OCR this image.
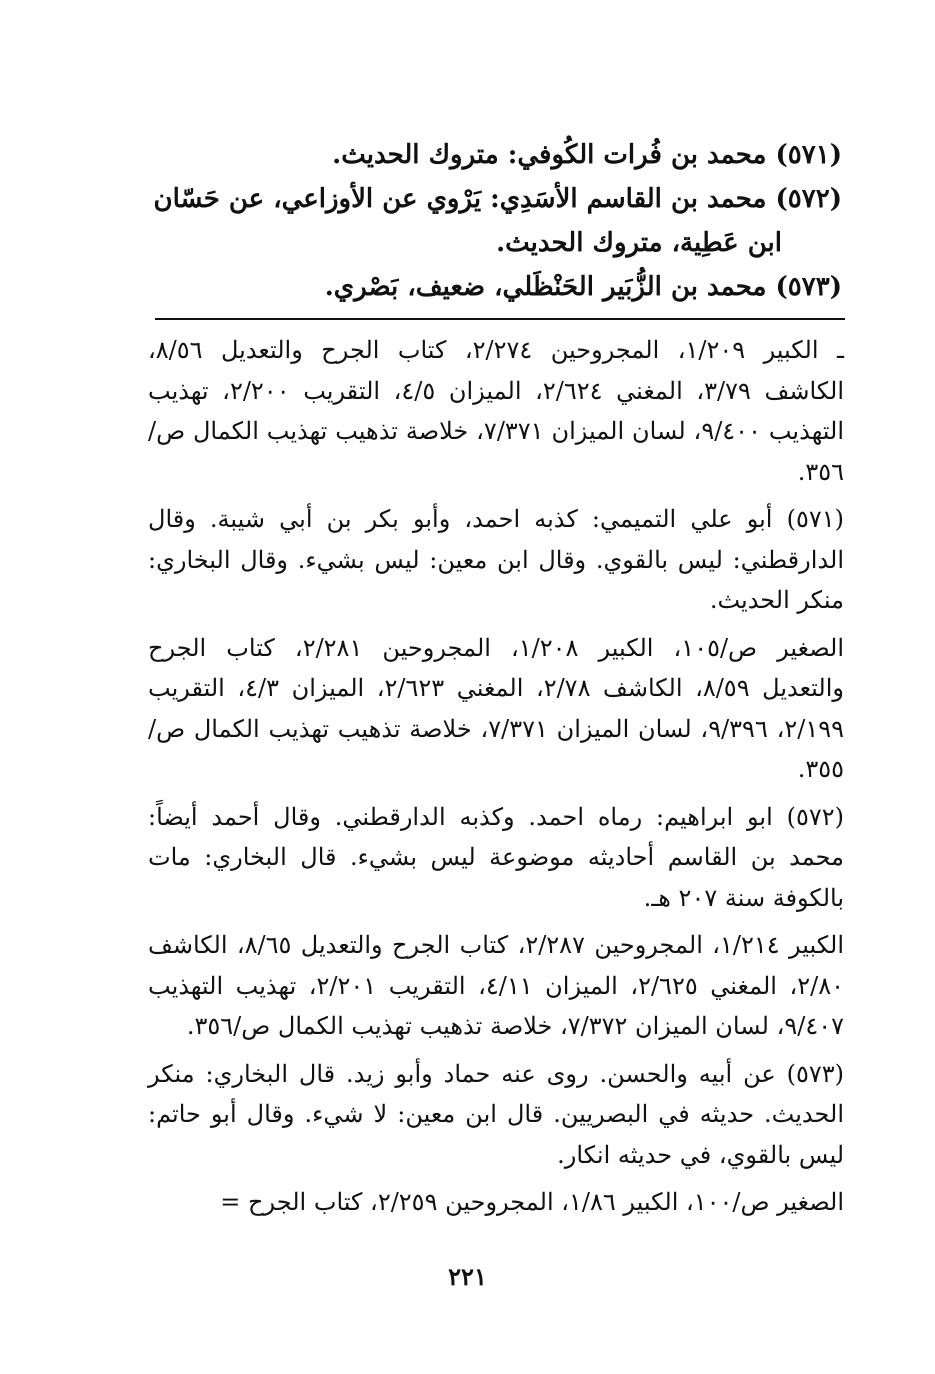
(٥٧١) محمد بن فُرات الكُوفي: متروك الحديث.
(٥٧٢) محمد بن القاسم الأسَدِي: يَرْوي عن الأوزاعي، عن حَسّان
ابن عَطِية، متروك الحديث.
(٥٧٣) محمد بن الزُّبَير الحَنْظَلي، ضعيف، بَصْري.

ـ الكبير ١/٢٠٩، المجروحين ٢/٢٧٤، كتاب الجرح والتعديل ٨/٥٦، الكاشف ٣/٧٩، المغني ٢/٦٢٤، الميزان ٤/٥، التقريب ٢/٢٠٠، تهذيب التهذيب ٩/٤٠٠، لسان الميزان ٧/٣٧١، خلاصة تذهيب تهذيب الكمال ص/٣٥٦.

(٥٧١) أبو علي التميمي: كذبه احمد، وأبو بكر بن أبي شيبة. وقال الدارقطني: ليس بالقوي. وقال ابن معين: ليس بشيء. وقال البخاري: منكر الحديث.

الصغير ص/١٠٥، الكبير ١/٢٠٨، المجروحين ٢/٢٨١، كتاب الجرح والتعديل ٨/٥٩، الكاشف ٢/٧٨، المغني ٢/٦٢٣، الميزان ٤/٣، التقريب ٢/١٩٩، ٩/٣٩٦، لسان الميزان ٧/٣٧١، خلاصة تذهيب تهذيب الكمال ص/٣٥٥.

(٥٧٢) ابو ابراهيم: رماه احمد. وكذبه الدارقطني. وقال أحمد أيضاً: محمد بن القاسم أحاديثه موضوعة ليس بشيء. قال البخاري: مات بالكوفة سنة ٢٠٧ هـ.

الكبير ١/٢١٤، المجروحين ٢/٢٨٧، كتاب الجرح والتعديل ٨/٦٥، الكاشف ٢/٨٠، المغني ٢/٦٢٥، الميزان ٤/١١، التقريب ٢/٢٠١، تهذيب التهذيب ٩/٤٠٧، لسان الميزان ٧/٣٧٢، خلاصة تذهيب تهذيب الكمال ص/٣٥٦.

(٥٧٣) عن أبيه والحسن. روى عنه حماد وأبو زيد. قال البخاري: منكر الحديث. حديثه في البصريين. قال ابن معين: لا شيء. وقال أبو حاتم: ليس بالقوي، في حديثه انكار.

الصغير ص/١٠٠، الكبير ١/٨٦، المجروحين ٢/٢٥٩، كتاب الجرح =

٢٢١
